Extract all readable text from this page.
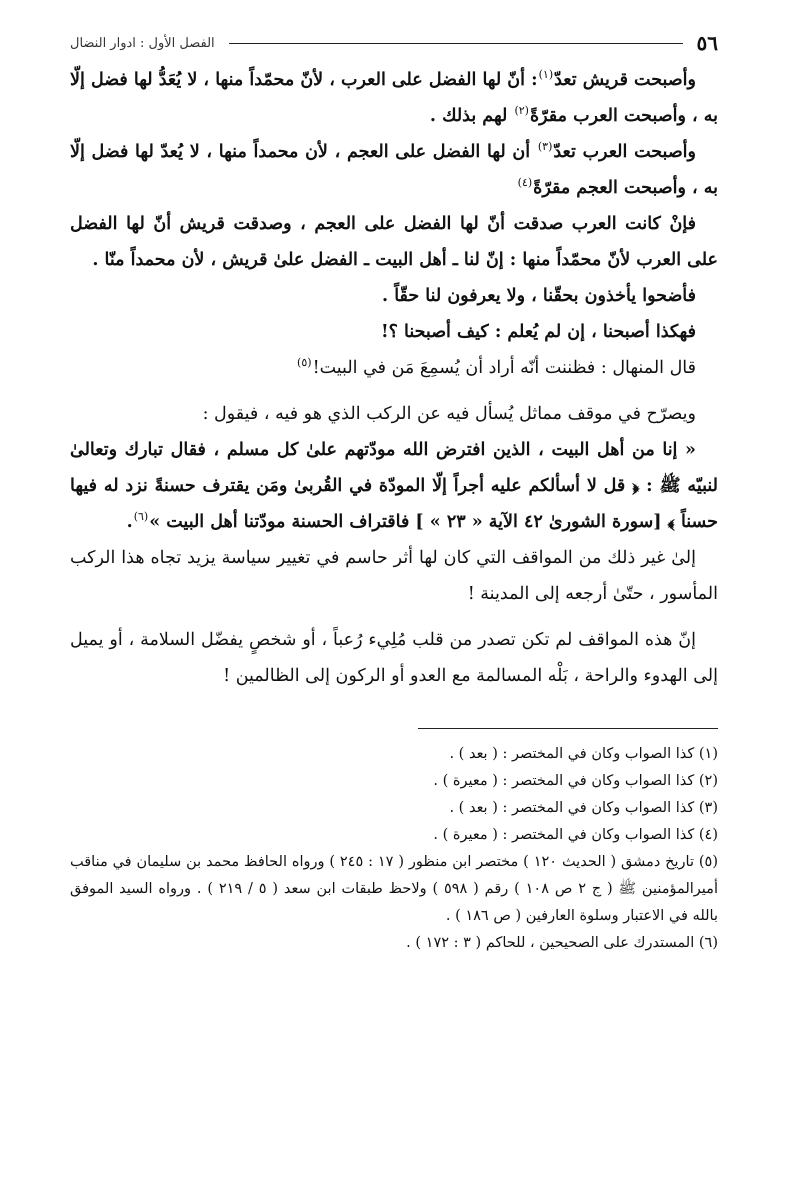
٥٦
الفصل الأول : ادوار النضال

وأصبحت قريش تعدّ$^{(١)}$: أنّ لها الفضل على العرب ، لأنّ محمّداً منها ، لا يُعَدُّ لها فضل إلّا به ، وأصبحت العرب مقرّةً$^{(٢)}$ لهم بذلك .

وأصبحت العرب تعدّ$^{(٣)}$ أن لها الفضل على العجم ، لأن محمداً منها ، لا يُعدّ لها فضل إلّا به ، وأصبحت العجم مقرّةً$^{(٤)}$

فإنْ كانت العرب صدقت أنّ لها الفضل على العجم ، وصدقت قريش أنّ لها الفضل على العرب لأنّ محمّداً منها : إنّ لنا ـ أهل البيت ـ الفضل علىٰ قريش ، لأن محمداً منّا .

فأضحوا يأخذون بحقّنا ، ولا يعرفون لنا حقّاً .

فهكذا أصبحنا ، إن لم يُعلم : كيف أصبحنا ؟!

قال المنهال : فظننت أنّه أراد أن يُسمِعَ مَن في البيت!$^{(٥)}$

ويصرّح في موقف مماثل يُسأل فيه عن الركب الذي هو فيه ، فيقول :

« إنا من أهل البيت ، الذين افترض الله مودّتهم علىٰ كل مسلم ، فقال تبارك وتعالىٰ لنبيّه ﷺ : ﴿ قل لا أسألكم عليه أجراً إلّا المودّة في القُربىٰ ومَن يقترف حسنةً نزد له فيها حسناً ﴾ [سورة الشورىٰ ٤٢ الآية « ٢٣ » ] فاقتراف الحسنة مودّتنا أهل البيت »$^{(٦)}$.

إلىٰ غير ذلك من المواقف التي كان لها أثر حاسم في تغيير سياسة يزيد تجاه هذا الركب المأسور ، حتّىٰ أرجعه إلى المدينة !

إنّ هذه المواقف لم تكن تصدر من قلب مُلِيء رُعباً ، أو شخصٍ يفضّل السلامة ، أو يميل إلى الهدوء والراحة ، بَلْه المسالمة مع العدو أو الركون إلى الظالمين !

(١) كذا الصواب وكان في المختصر : ( بعد ) .

(٢) كذا الصواب وكان في المختصر : ( معيرة ) .

(٣) كذا الصواب وكان في المختصر : ( بعد ) .

(٤) كذا الصواب وكان في المختصر : ( معيرة ) .

(٥) تاريخ دمشق ( الحديث ١٢٠ ) مختصر ابن منظور ( ١٧ : ٢٤٥ ) ورواه الحافظ محمد بن سليمان في مناقب أميرالمؤمنين ﷺ ( ج ٢ ص ١٠٨ ) رقم ( ٥٩٨ ) ولاحظ طبقات ابن سعد ( ٥ / ٢١٩ ) . ورواه السيد الموفق بالله في الاعتبار وسلوة العارفين ( ص ١٨٦ ) .

(٦) المستدرك على الصحيحين ، للحاكم ( ٣ : ١٧٢ ) .
